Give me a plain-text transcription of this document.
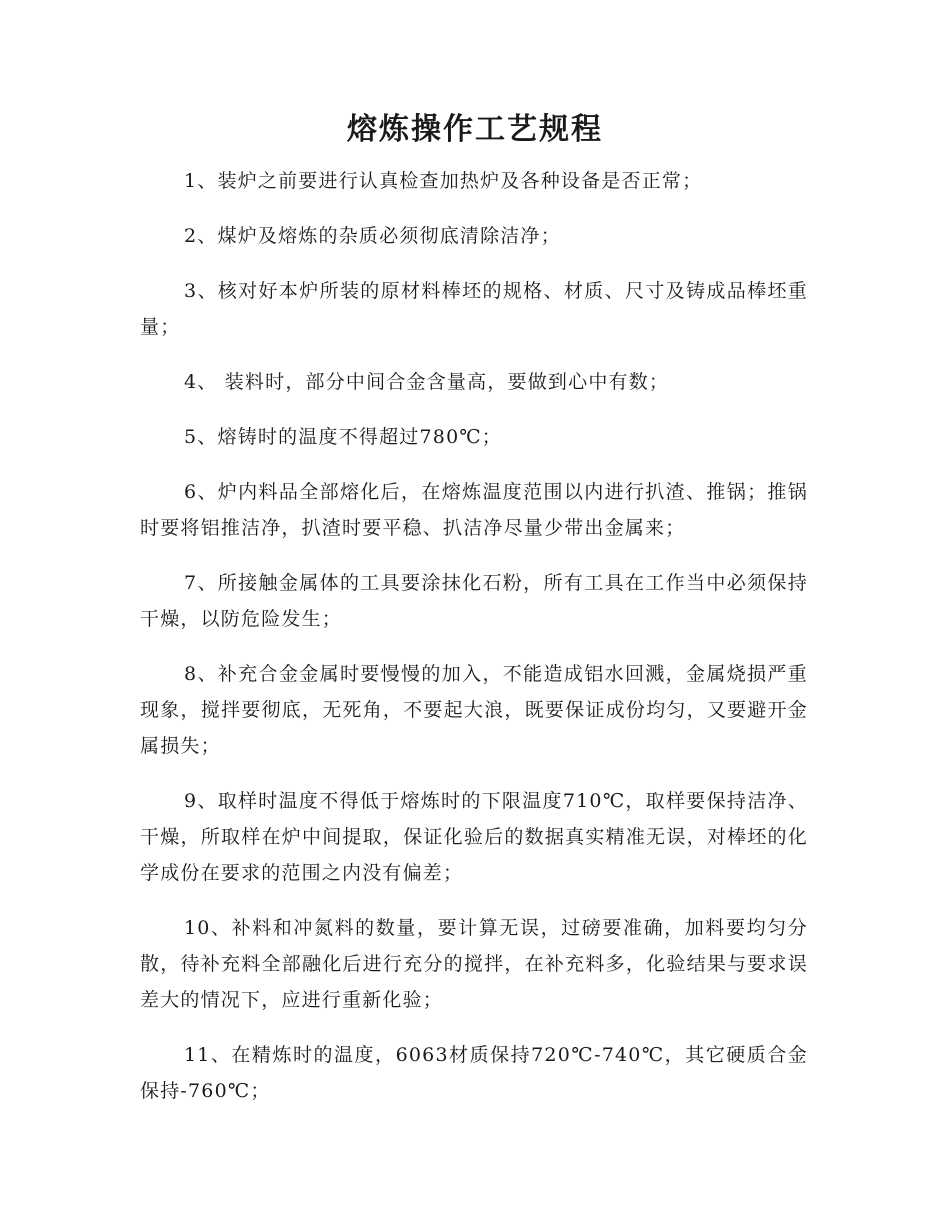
熔炼操作工艺规程

1、装炉之前要进行认真检查加热炉及各种设备是否正常；

2、煤炉及熔炼的杂质必须彻底清除洁净；

3、核对好本炉所装的原材料棒坯的规格、材质、尺寸及铸成品棒坯重量；

4、 装料时，部分中间合金含量高，要做到心中有数；

5、熔铸时的温度不得超过780℃；

6、炉内料品全部熔化后，在熔炼温度范围以内进行扒渣、推锅；推锅时要将铝推洁净，扒渣时要平稳、扒洁净尽量少带出金属来；

7、所接触金属体的工具要涂抹化石粉，所有工具在工作当中必须保持干燥，以防危险发生；

8、补充合金金属时要慢慢的加入，不能造成铝水回溅，金属烧损严重现象，搅拌要彻底，无死角，不要起大浪，既要保证成份均匀，又要避开金属损失；

9、取样时温度不得低于熔炼时的下限温度710℃，取样要保持洁净、干燥，所取样在炉中间提取，保证化验后的数据真实精准无误，对棒坯的化学成份在要求的范围之内没有偏差；

10、补料和冲氮料的数量，要计算无误，过磅要准确，加料要均匀分散，待补充料全部融化后进行充分的搅拌，在补充料多，化验结果与要求误差大的情况下，应进行重新化验；

11、在精炼时的温度，6063材质保持720℃-740℃，其它硬质合金保持-760℃；
